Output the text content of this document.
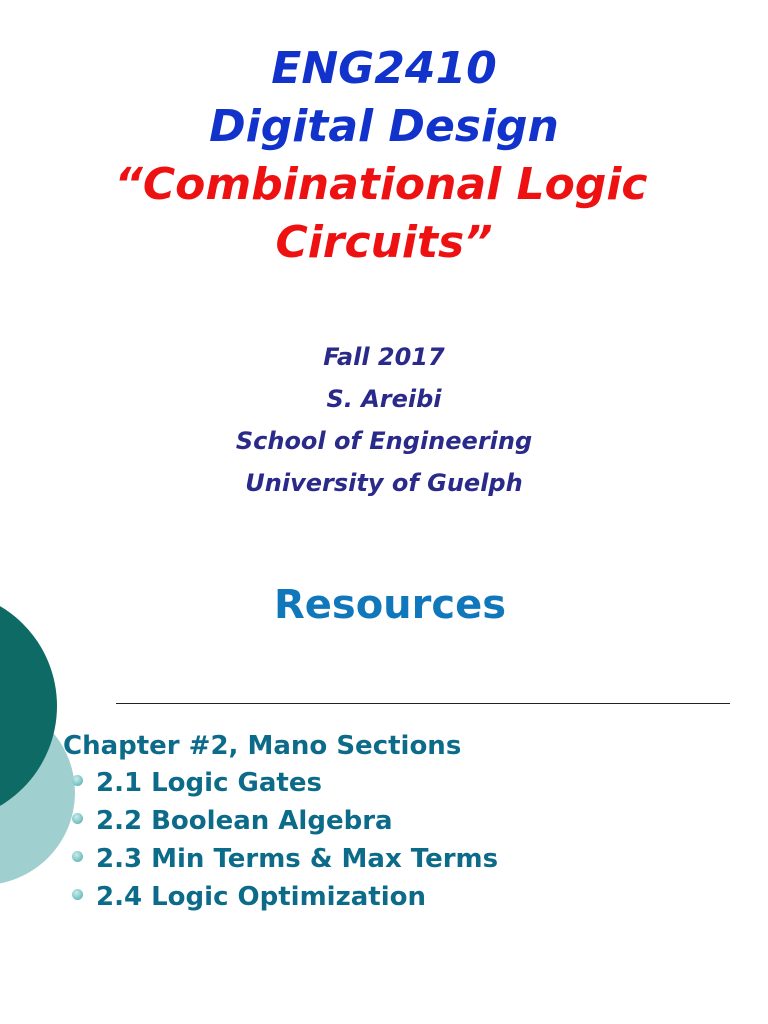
ENG2410
Digital Design
“Combinational Logic
Circuits”
Fall 2017
S. Areibi
School of Engineering
University of Guelph
Resources
Chapter #2, Mano Sections
2.1 Logic Gates
2.2 Boolean Algebra
2.3 Min Terms & Max Terms
2.4 Logic Optimization
